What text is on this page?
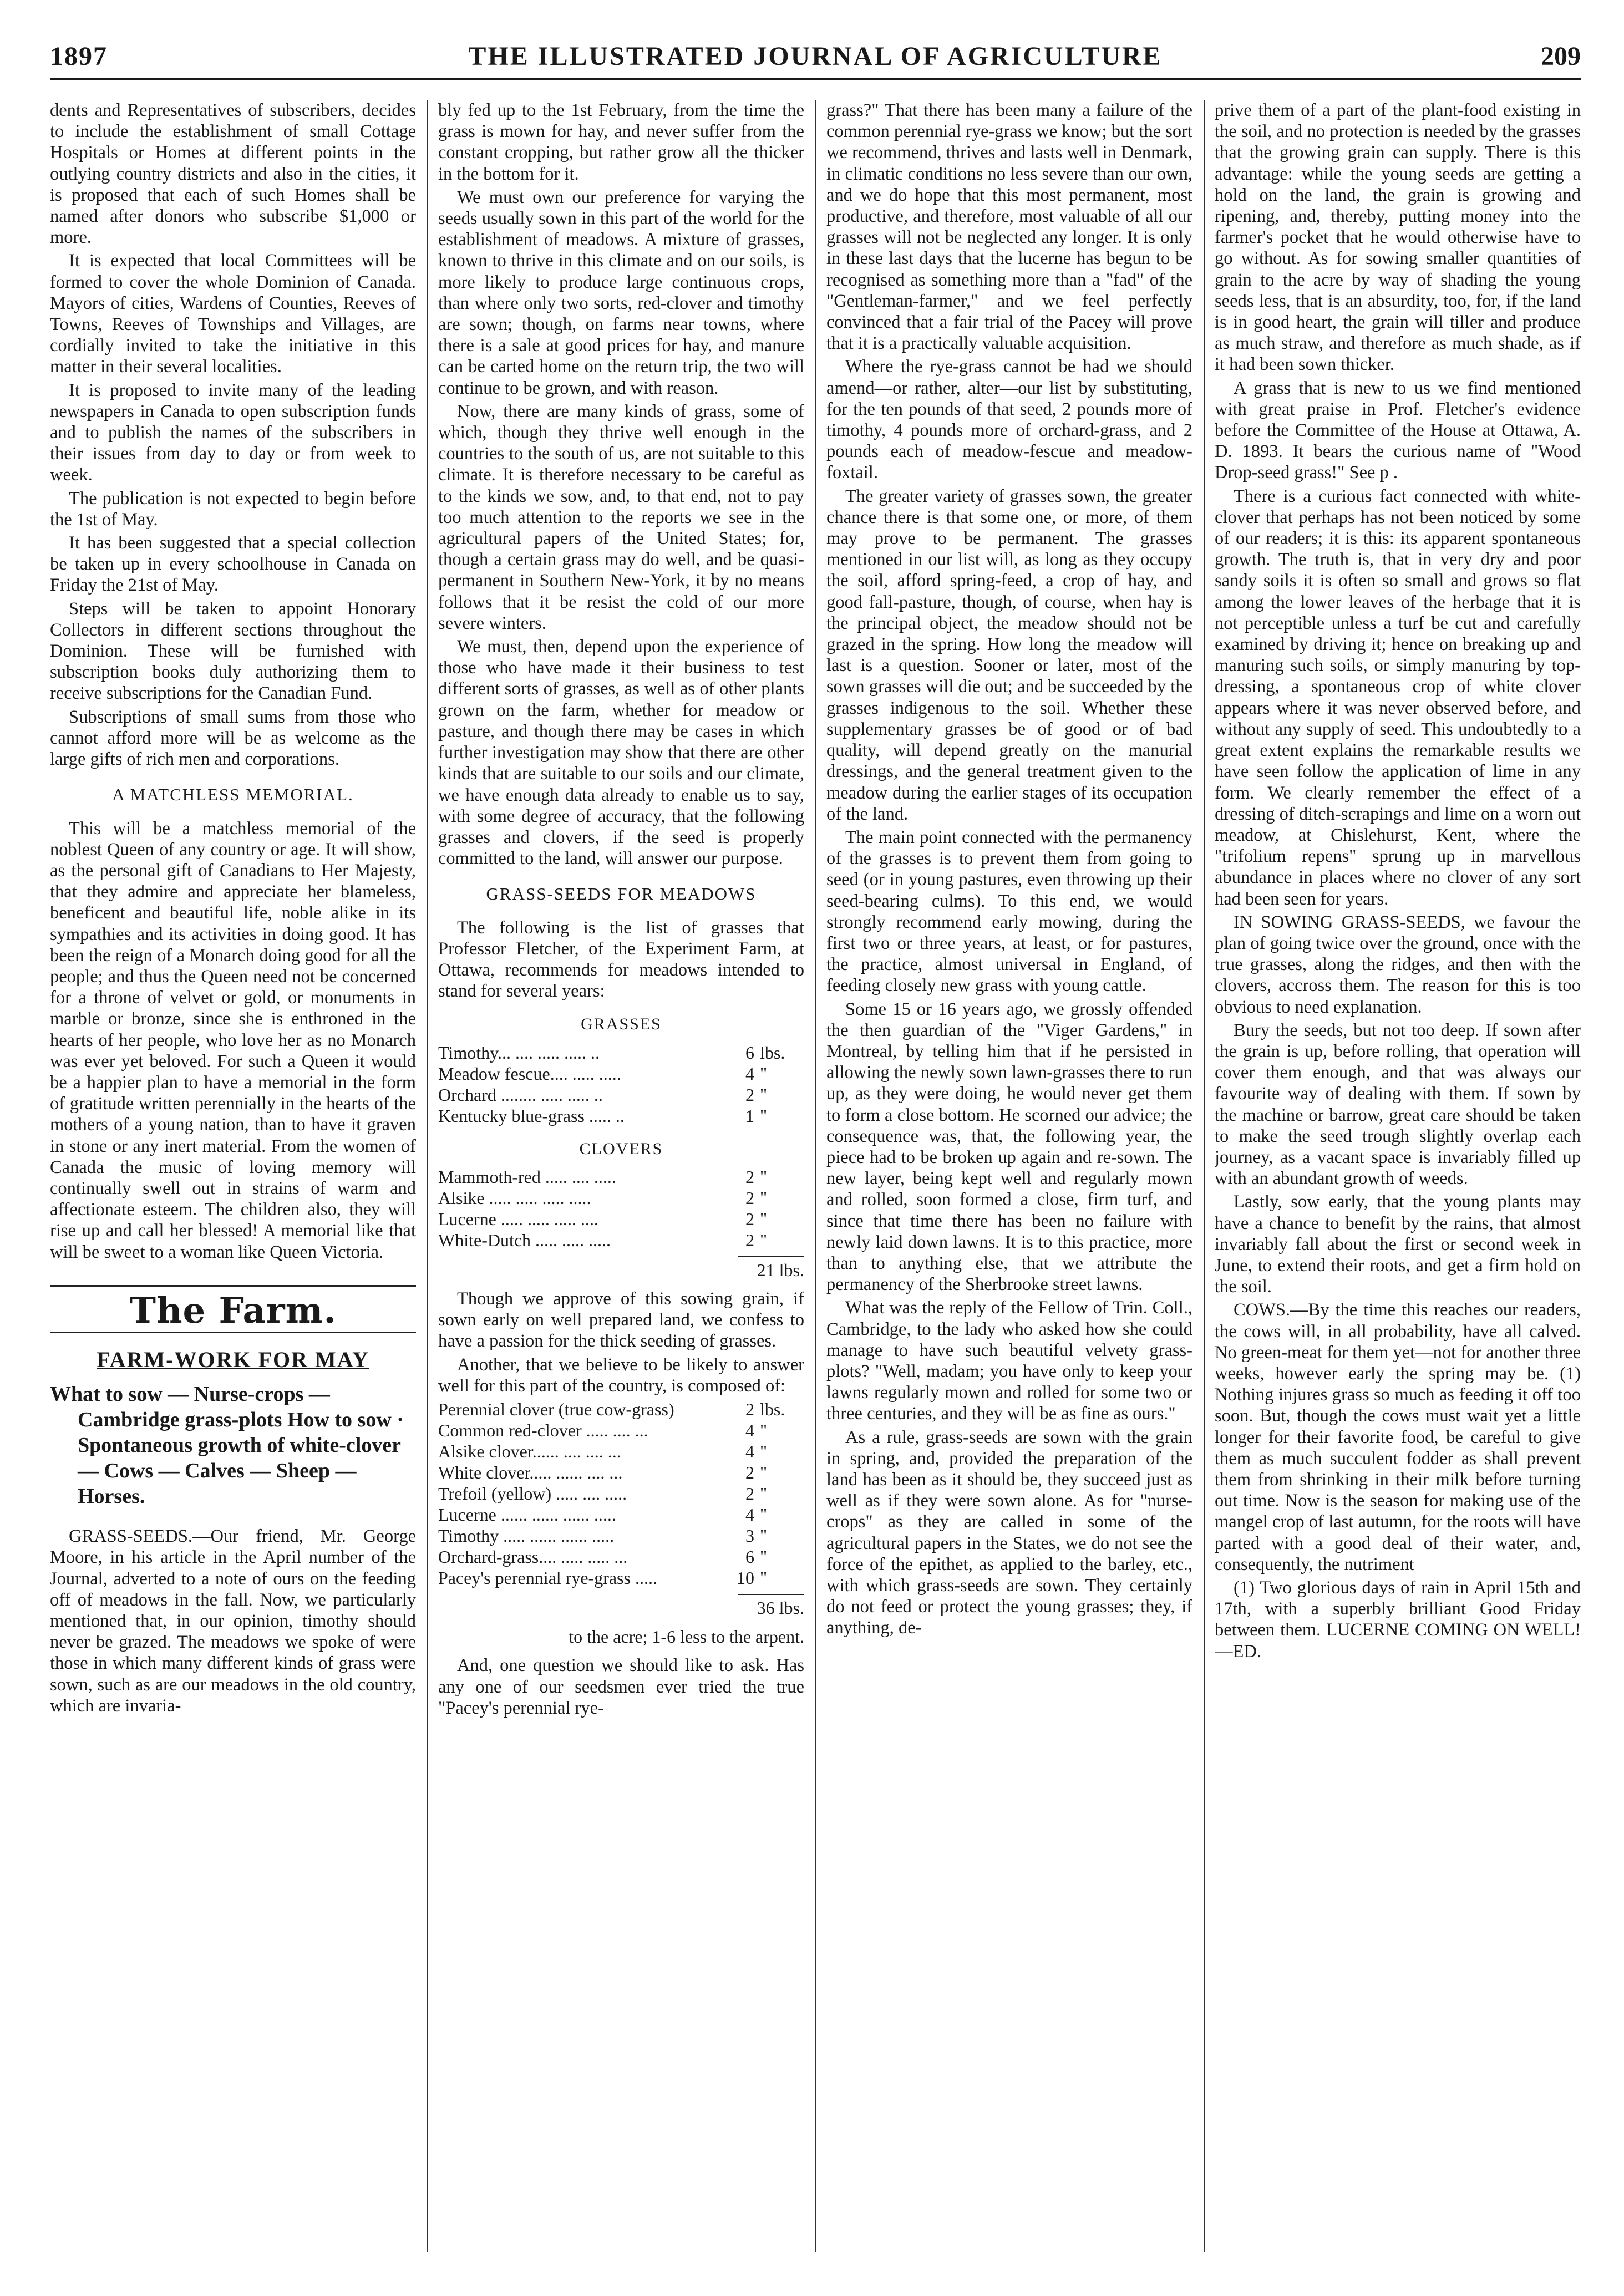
1897	THE ILLUSTRATED JOURNAL OF AGRICULTURE	209

dents and Representatives of subscribers, decides to include the establishment of small Cottage Hospitals or Homes at different points in the outlying country districts and also in the cities, it is proposed that each of such Homes shall be named after donors who subscribe $1,000 or more.

It is expected that local Committees will be formed to cover the whole Dominion of Canada. Mayors of cities, Wardens of Counties, Reeves of Towns, Reeves of Townships and Villages, are cordially invited to take the initiative in this matter in their several localities.

It is proposed to invite many of the leading newspapers in Canada to open subscription funds and to publish the names of the subscribers in their issues from day to day or from week to week.

The publication is not expected to begin before the 1st of May.

It has been suggested that a special collection be taken up in every schoolhouse in Canada on Friday the 21st of May.

Steps will be taken to appoint Honorary Collectors in different sections throughout the Dominion. These will be furnished with subscription books duly authorizing them to receive subscriptions for the Canadian Fund.

Subscriptions of small sums from those who cannot afford more will be as welcome as the large gifts of rich men and corporations.

A MATCHLESS MEMORIAL.

This will be a matchless memorial of the noblest Queen of any country or age. It will show, as the personal gift of Canadians to Her Majesty, that they admire and appreciate her blameless, beneficent and beautiful life, noble alike in its sympathies and its activities in doing good. It has been the reign of a Monarch doing good for all the people; and thus the Queen need not be concerned for a throne of velvet or gold, or monuments in marble or bronze, since she is enthroned in the hearts of her people, who love her as no Monarch was ever yet beloved. For such a Queen it would be a happier plan to have a memorial in the form of gratitude written perennially in the hearts of the mothers of a young nation, than to have it graven in stone or any inert material. From the women of Canada the music of loving memory will continually swell out in strains of warm and affectionate esteem. The children also, they will rise up and call her blessed! A memorial like that will be sweet to a woman like Queen Victoria.

The Farm.
FARM-WORK FOR MAY
What to sow — Nurse-crops — Cambridge grass-plots How to sow · Spontaneous growth of white-clover — Cows — Calves — Sheep — Horses.

GRASS-SEEDS.—Our friend, Mr. George Moore, in his article in the April number of the Journal, adverted to a note of ours on the feeding off of meadows in the fall. Now, we particularly mentioned that, in our opinion, timothy should never be grazed. The meadows we spoke of were those in which many different kinds of grass were sown, such as are our meadows in the old country, which are invaria-

bly fed up to the 1st February, from the time the grass is mown for hay, and never suffer from the constant cropping, but rather grow all the thicker in the bottom for it.

We must own our preference for varying the seeds usually sown in this part of the world for the establishment of meadows. A mixture of grasses, known to thrive in this climate and on our soils, is more likely to produce large continuous crops, than where only two sorts, red-clover and timothy are sown; though, on farms near towns, where there is a sale at good prices for hay, and manure can be carted home on the return trip, the two will continue to be grown, and with reason.

Now, there are many kinds of grass, some of which, though they thrive well enough in the countries to the south of us, are not suitable to this climate. It is therefore necessary to be careful as to the kinds we sow, and, to that end, not to pay too much attention to the reports we see in the agricultural papers of the United States; for, though a certain grass may do well, and be quasi-permanent in Southern New-York, it by no means follows that it be resist the cold of our more severe winters.

We must, then, depend upon the experience of those who have made it their business to test different sorts of grasses, as well as of other plants grown on the farm, whether for meadow or pasture, and though there may be cases in which further investigation may show that there are other kinds that are suitable to our soils and our climate, we have enough data already to enable us to say, with some degree of accuracy, that the following grasses and clovers, if the seed is properly committed to the land, will answer our purpose.

GRASS-SEEDS FOR MEADOWS

The following is the list of grasses that Professor Fletcher, of the Experiment Farm, at Ottawa, recommends for meadows intended to stand for several years:

GRASSES
Timothy... .... ..... ..... ..	6	lbs.
Meadow fescue.... ..... .....	4	"
Orchard ........ ..... ..... ..	2	"
Kentucky blue-grass ..... ..	1	"
CLOVERS
Mammoth-red ..... .... .....	2	"
Alsike ..... ..... ..... .....	2	"
Lucerne ..... ..... ..... ....	2	"
White-Dutch ..... ..... .....	2	"
21 lbs.

Though we approve of this sowing grain, if sown early on well prepared land, we confess to have a passion for the thick seeding of grasses.

Another, that we believe to be likely to answer well for this part of the country, is composed of:

Perennial clover (true cow-grass)	2	lbs.
Common red-clover ..... .... ...	4	"
Alsike clover...... .... .... ...	4	"
White clover..... ...... .... ...	2	"
Trefoil (yellow) ..... .... .....	2	"
Lucerne ...... ...... ...... .....	4	"
Timothy ..... ...... ...... .....	3	"
Orchard-grass.... ..... ..... ...	6	"
Pacey's perennial rye-grass .....	10	"
36 lbs.
to the acre; 1-6 less to the arpent.

And, one question we should like to ask. Has any one of our seedsmen ever tried the true "Pacey's perennial rye-

grass?" That there has been many a failure of the common perennial rye-grass we know; but the sort we recommend, thrives and lasts well in Denmark, in climatic conditions no less severe than our own, and we do hope that this most permanent, most productive, and therefore, most valuable of all our grasses will not be neglected any longer. It is only in these last days that the lucerne has begun to be recognised as something more than a "fad" of the "Gentleman-farmer," and we feel perfectly convinced that a fair trial of the Pacey will prove that it is a practically valuable acquisition.

Where the rye-grass cannot be had we should amend—or rather, alter—our list by substituting, for the ten pounds of that seed, 2 pounds more of timothy, 4 pounds more of orchard-grass, and 2 pounds each of meadow-fescue and meadow-foxtail.

The greater variety of grasses sown, the greater chance there is that some one, or more, of them may prove to be permanent. The grasses mentioned in our list will, as long as they occupy the soil, afford spring-feed, a crop of hay, and good fall-pasture, though, of course, when hay is the principal object, the meadow should not be grazed in the spring. How long the meadow will last is a question. Sooner or later, most of the sown grasses will die out; and be succeeded by the grasses indigenous to the soil. Whether these supplementary grasses be of good or of bad quality, will depend greatly on the manurial dressings, and the general treatment given to the meadow during the earlier stages of its occupation of the land.

The main point connected with the permanency of the grasses is to prevent them from going to seed (or in young pastures, even throwing up their seed-bearing culms). To this end, we would strongly recommend early mowing, during the first two or three years, at least, or for pastures, the practice, almost universal in England, of feeding closely new grass with young cattle.

Some 15 or 16 years ago, we grossly offended the then guardian of the "Viger Gardens," in Montreal, by telling him that if he persisted in allowing the newly sown lawn-grasses there to run up, as they were doing, he would never get them to form a close bottom. He scorned our advice; the consequence was, that, the following year, the piece had to be broken up again and re-sown. The new layer, being kept well and regularly mown and rolled, soon formed a close, firm turf, and since that time there has been no failure with newly laid down lawns. It is to this practice, more than to anything else, that we attribute the permanency of the Sherbrooke street lawns.

What was the reply of the Fellow of Trin. Coll., Cambridge, to the lady who asked how she could manage to have such beautiful velvety grass-plots? "Well, madam; you have only to keep your lawns regularly mown and rolled for some two or three centuries, and they will be as fine as ours."

As a rule, grass-seeds are sown with the grain in spring, and, provided the preparation of the land has been as it should be, they succeed just as well as if they were sown alone. As for "nurse-crops" as they are called in some of the agricultural papers in the States, we do not see the force of the epithet, as applied to the barley, etc., with which grass-seeds are sown. They certainly do not feed or protect the young grasses; they, if anything, de-

prive them of a part of the plant-food existing in the soil, and no protection is needed by the grasses that the growing grain can supply. There is this advantage: while the young seeds are getting a hold on the land, the grain is growing and ripening, and, thereby, putting money into the farmer's pocket that he would otherwise have to go without. As for sowing smaller quantities of grain to the acre by way of shading the young seeds less, that is an absurdity, too, for, if the land is in good heart, the grain will tiller and produce as much straw, and therefore as much shade, as if it had been sown thicker.

A grass that is new to us we find mentioned with great praise in Prof. Fletcher's evidence before the Committee of the House at Ottawa, A. D. 1893. It bears the curious name of "Wood Drop-seed grass!" See p .

There is a curious fact connected with white-clover that perhaps has not been noticed by some of our readers; it is this: its apparent spontaneous growth. The truth is, that in very dry and poor sandy soils it is often so small and grows so flat among the lower leaves of the herbage that it is not perceptible unless a turf be cut and carefully examined by driving it; hence on breaking up and manuring such soils, or simply manuring by top-dressing, a spontaneous crop of white clover appears where it was never observed before, and without any supply of seed. This undoubtedly to a great extent explains the remarkable results we have seen follow the application of lime in any form. We clearly remember the effect of a dressing of ditch-scrapings and lime on a worn out meadow, at Chislehurst, Kent, where the "trifolium repens" sprung up in marvellous abundance in places where no clover of any sort had been seen for years.

IN SOWING GRASS-SEEDS, we favour the plan of going twice over the ground, once with the true grasses, along the ridges, and then with the clovers, accross them. The reason for this is too obvious to need explanation.

Bury the seeds, but not too deep. If sown after the grain is up, before rolling, that operation will cover them enough, and that was always our favourite way of dealing with them. If sown by the machine or barrow, great care should be taken to make the seed trough slightly overlap each journey, as a vacant space is invariably filled up with an abundant growth of weeds.

Lastly, sow early, that the young plants may have a chance to benefit by the rains, that almost invariably fall about the first or second week in June, to extend their roots, and get a firm hold on the soil.

COWS.—By the time this reaches our readers, the cows will, in all probability, have all calved. No green-meat for them yet—not for another three weeks, however early the spring may be. (1) Nothing injures grass so much as feeding it off too soon. But, though the cows must wait yet a little longer for their favorite food, be careful to give them as much succulent fodder as shall prevent them from shrinking in their milk before turning out time. Now is the season for making use of the mangel crop of last autumn, for the roots will have parted with a good deal of their water, and, consequently, the nutriment

(1) Two glorious days of rain in April 15th and 17th, with a superbly brilliant Good Friday between them. LUCERNE COMING ON WELL!—ED.
